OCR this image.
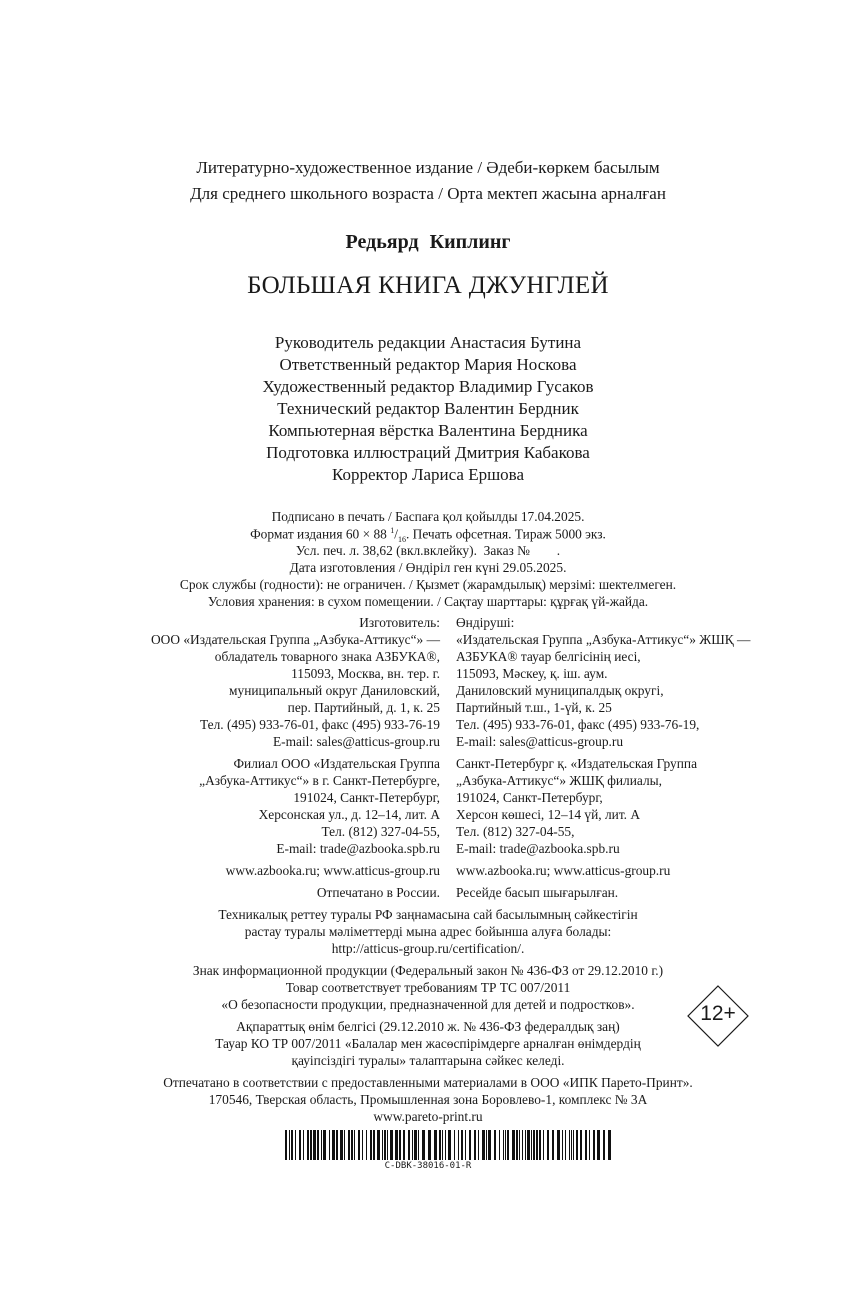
Литературно-художественное издание / Әдеби-көркем басылым
Для среднего школьного возраста / Орта мектеп жасына арналған
Редьярд Киплинг
БОЛЬШАЯ КНИГА ДЖУНГЛЕЙ
Руководитель редакции Анастасия Бутина
Ответственный редактор Мария Носкова
Художественный редактор Владимир Гусаков
Технический редактор Валентин Бердник
Компьютерная вёрстка Валентина Бердника
Подготовка иллюстраций Дмитрия Кабакова
Корректор Лариса Ершова
Подписано в печать / Баспаға қол қойылды 17.04.2025.
Формат издания 60 × 88 $^1/_{16}$. Печать офсетная. Тираж 5000 экз.
Усл. печ. л. 38,62 (вкл.вклейку).  Заказ №        .
Дата изготовления / Өндiрiл ген күнi 29.05.2025.
Срок службы (годности): не ограничен. / Қызмет (жарамдылық) мерзiмi: шектелмеген.
Условия хранения: в сухом помещении. / Сақтау шарттары: құрғақ үй-жайда.
Изготовитель:
ООО «Издательская Группа „Азбука-Аттикус“» —
обладатель товарного знака АЗБУКА®,
115093, Москва, вн. тер. г.
муниципальный округ Даниловский,
пер. Партийный, д. 1, к. 25
Тел. (495) 933-76-01, факс (495) 933-76-19
E-mail: sales@atticus-group.ru
Өндiрушi:
«Издательская Группа „Азбука-Аттикус“» ЖШҚ —
АЗБУКА® тауар белгiсiнiң иесi,
115093, Мәскеу, қ. iш. аум.
Даниловский муниципалдық округi,
Партийный т.ш., 1-үй, к. 25
Тел. (495) 933-76-01, факс (495) 933-76-19,
E-mail: sales@atticus-group.ru
Филиал ООО «Издательская Группа
„Азбука-Аттикус“» в г. Санкт-Петербурге,
191024, Санкт-Петербург,
Херсонская ул., д. 12–14, лит. А
Тел. (812) 327-04-55,
E-mail: trade@azbooka.spb.ru
Санкт-Петербург қ. «Издательская Группа
„Азбука-Аттикус“» ЖШҚ филиалы,
191024, Санкт-Петербург,
Херсон көшесi, 12–14 үй, лит. А
Тел. (812) 327-04-55,
E-mail: trade@azbooka.spb.ru
www.azbooka.ru; www.atticus-group.ru www.azbooka.ru; www.atticus-group.ru
Отпечатано в России. Ресейде басып шығарылған.
Техникалық реттеу туралы РФ заңнамасына сай басылымның сәйкестiгiн
растау туралы мәлiметтердi мына адрес бойынша алуға болады:
http://atticus-group.ru/certification/.
Знак информационной продукции (Федеральный закон № 436-ФЗ от 29.12.2010 г.)
Товар соответствует требованиям ТР ТС 007/2011
«О безопасности продукции, предназначенной для детей и подростков».
Ақпараттық өнiм белгiсi (29.12.2010 ж. № 436-ФЗ федералдық заң)
Тауар КО ТР 007/2011 «Балалар мен жасөспiрiмдерге арналған өнiмдердiң
қауiпсiздiгi туралы» талаптарына сәйкес келедi.
12+
Отпечатано в соответствии с предоставленными материалами в ООО «ИПК Парето-Принт».
170546, Тверская область, Промышленная зона Боровлево-1, комплекс № 3А
www.pareto-print.ru
C-DBK-38016-01-R
